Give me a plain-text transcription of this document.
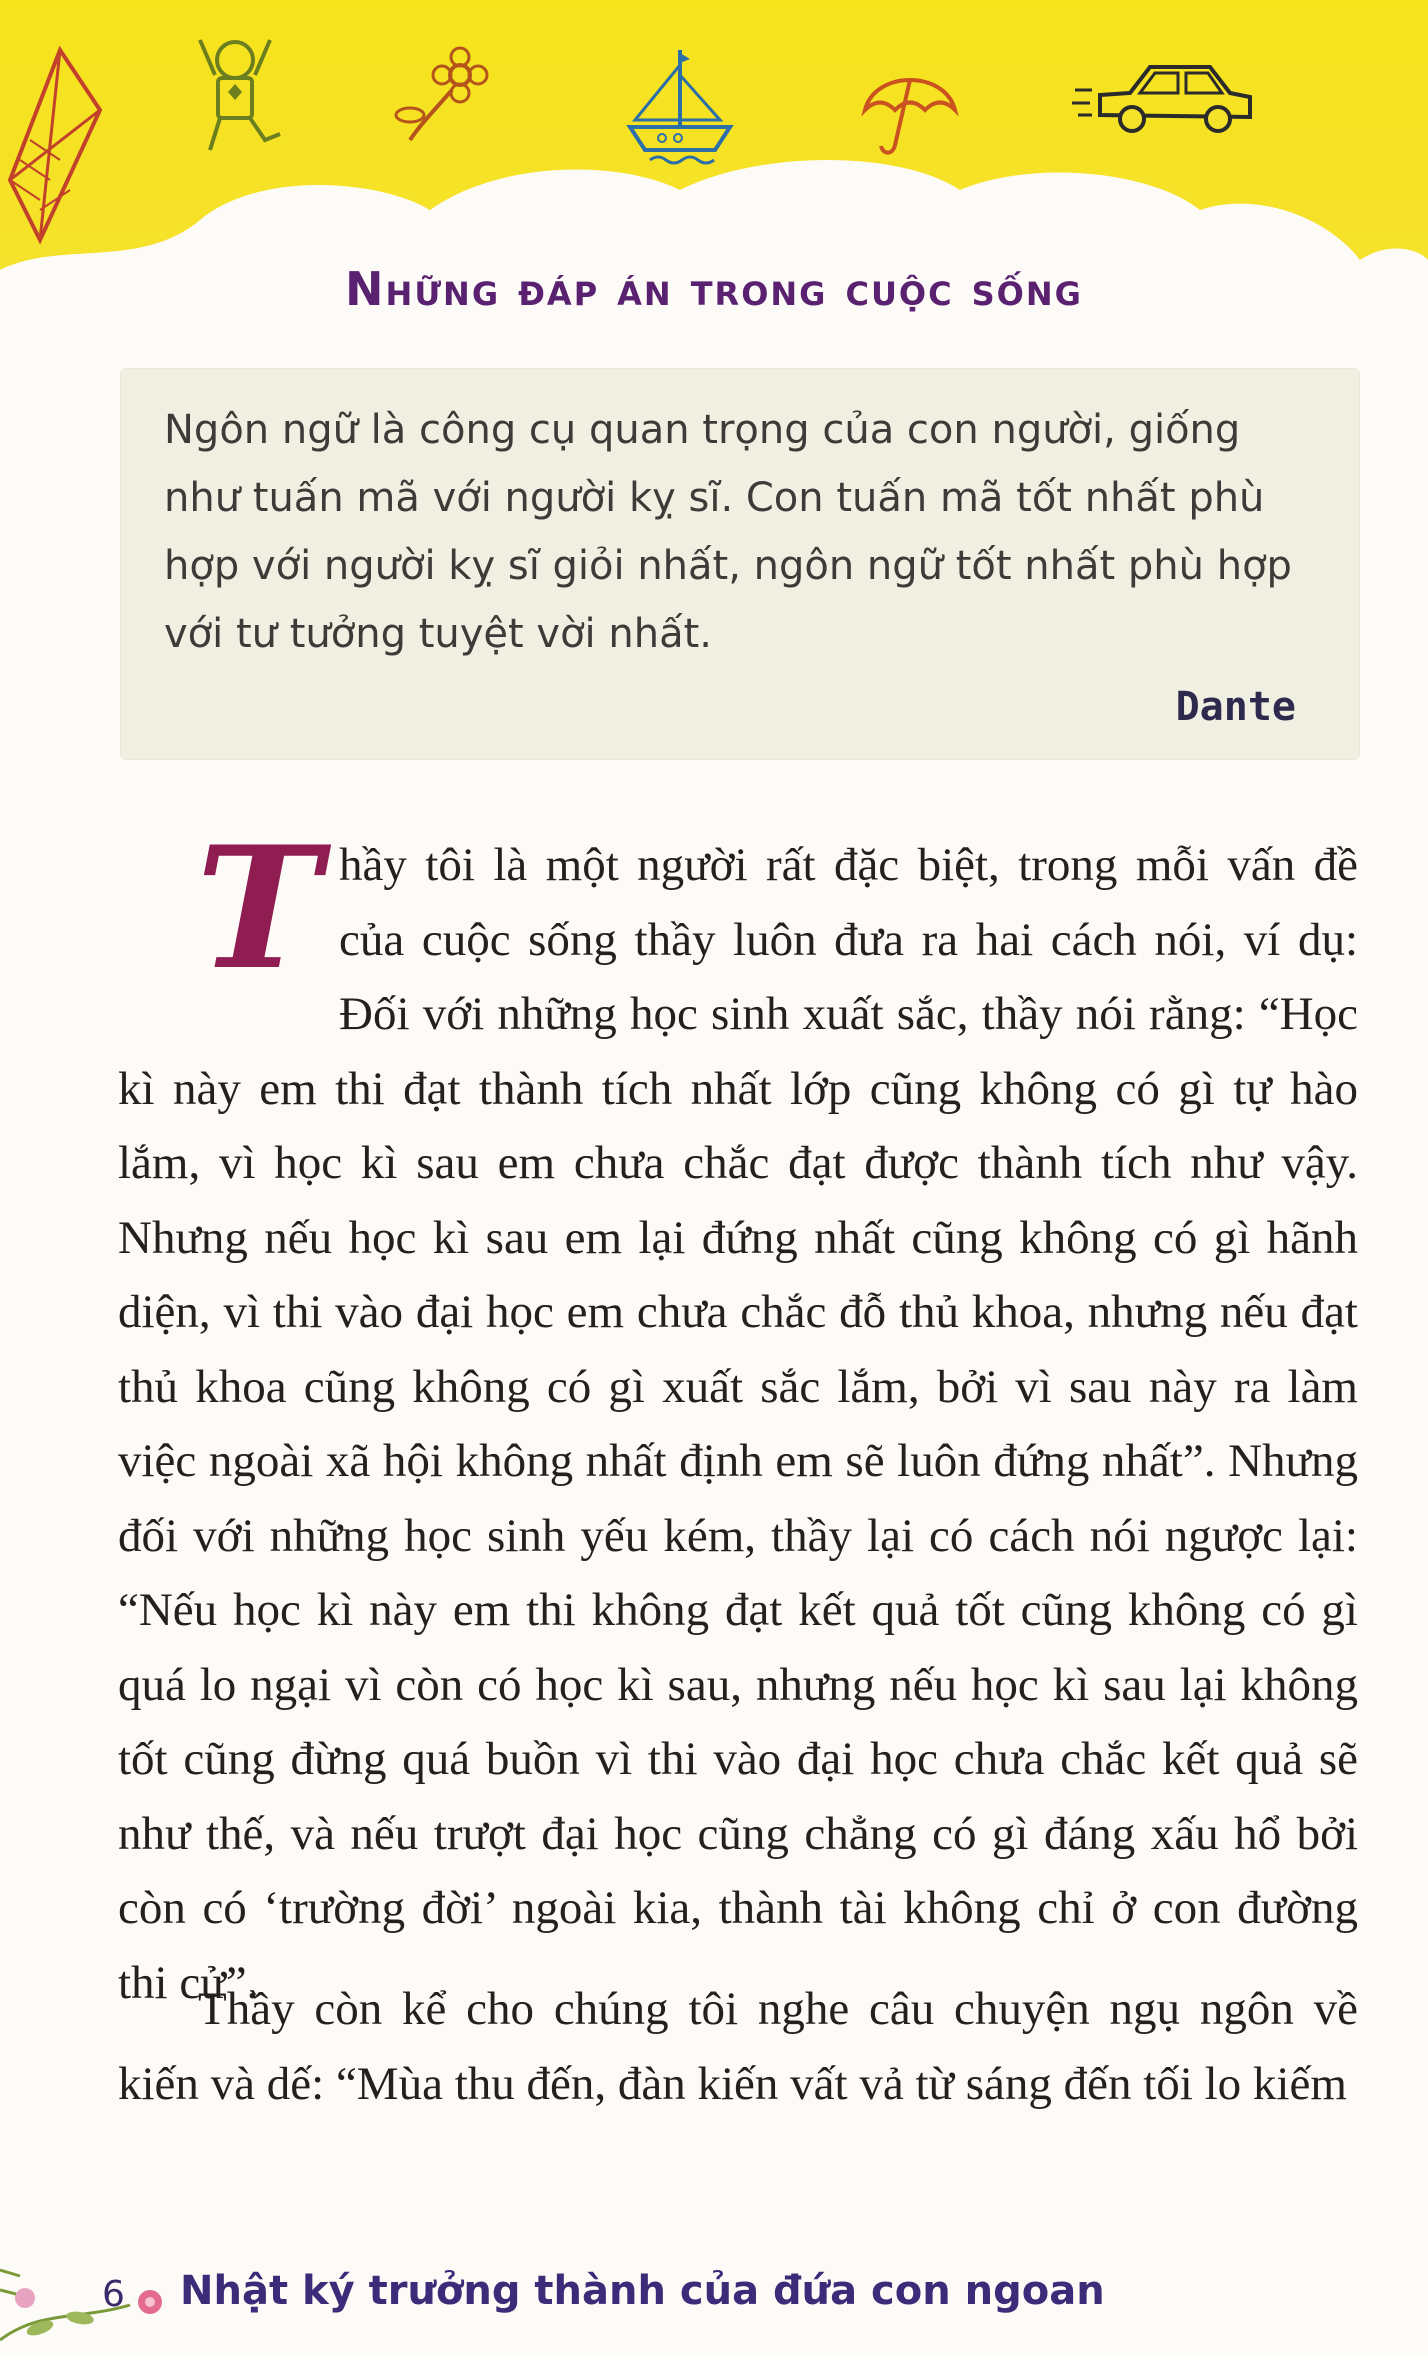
Những đáp án trong cuộc sống
Ngôn ngữ là công cụ quan trọng của con người, giống như tuấn mã với người kỵ sĩ. Con tuấn mã tốt nhất phù hợp với người kỵ sĩ giỏi nhất, ngôn ngữ tốt nhất phù hợp với tư tưởng tuyệt vời nhất.
Dante
Thầy tôi là một người rất đặc biệt, trong mỗi vấn đề của cuộc sống thầy luôn đưa ra hai cách nói, ví dụ: Đối với những học sinh xuất sắc, thầy nói rằng: “Học kì này em thi đạt thành tích nhất lớp cũng không có gì tự hào lắm, vì học kì sau em chưa chắc đạt được thành tích như vậy. Nhưng nếu học kì sau em lại đứng nhất cũng không có gì hãnh diện, vì thi vào đại học em chưa chắc đỗ thủ khoa, nhưng nếu đạt thủ khoa cũng không có gì xuất sắc lắm, bởi vì sau này ra làm việc ngoài xã hội không nhất định em sẽ luôn đứng nhất”. Nhưng đối với những học sinh yếu kém, thầy lại có cách nói ngược lại: “Nếu học kì này em thi không đạt kết quả tốt cũng không có gì quá lo ngại vì còn có học kì sau, nhưng nếu học kì sau lại không tốt cũng đừng quá buồn vì thi vào đại học chưa chắc kết quả sẽ như thế, và nếu trượt đại học cũng chẳng có gì đáng xấu hổ bởi còn có ‘trường đời’ ngoài kia, thành tài không chỉ ở con đường thi cử”.
Thầy còn kể cho chúng tôi nghe câu chuyện ngụ ngôn về kiến và dế: “Mùa thu đến, đàn kiến vất vả từ sáng đến tối lo kiếm
6 Nhật ký trưởng thành của đứa con ngoan
